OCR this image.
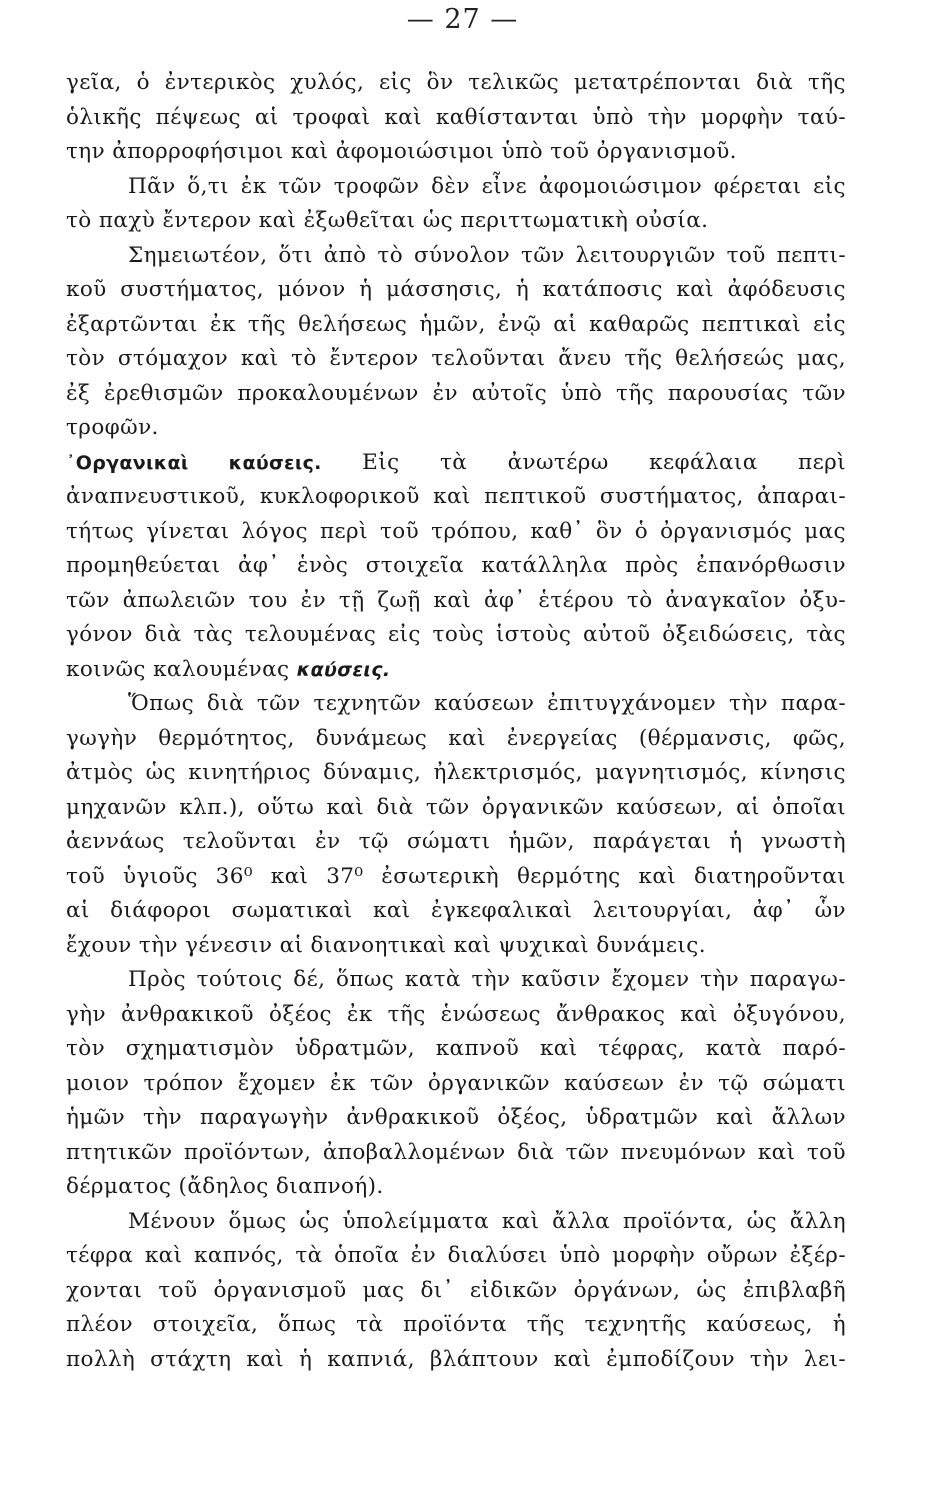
— 27 —
γεῖα, ὁ ἐντερικὸς χυλός, εἰς ὃν τελικῶς μετατρέπονται διὰ τῆς
ὁλικῆς πέψεως αἱ τροφαὶ καὶ καθίστανται ὑπὸ τὴν μορφὴν ταύ-
την ἀπορροφήσιμοι καὶ ἀφομοιώσιμοι ὑπὸ τοῦ ὀργανισμοῦ.
Πᾶν ὅ,τι ἐκ τῶν τροφῶν δὲν εἶνε ἀφομοιώσιμον φέρεται εἰς
τὸ παχὺ ἔντερον καὶ ἐξωθεῖται ὡς περιττωματικὴ οὐσία.
Σημειωτέον, ὅτι ἀπὸ τὸ σύνολον τῶν λειτουργιῶν τοῦ πεπτι-
κοῦ συστήματος, μόνον ἡ μάσσησις, ἡ κατάποσις καὶ ἀφόδευσις
ἐξαρτῶνται ἐκ τῆς θελήσεως ἡμῶν, ἐνῷ αἱ καθαρῶς πεπτικαὶ εἰς
τὸν στόμαχον καὶ τὸ ἔντερον τελοῦνται ἄνευ τῆς θελήσεώς μας,
ἐξ ἐρεθισμῶν προκαλουμένων ἐν αὐτοῖς ὑπὸ τῆς παρουσίας τῶν
τροφῶν.
᾿Οργανικαὶ καύσεις. Εἰς τὰ ἀνωτέρω κεφάλαια περὶ
ἀναπνευστικοῦ, κυκλοφορικοῦ καὶ πεπτικοῦ συστήματος, ἀπαραι-
τήτως γίνεται λόγος περὶ τοῦ τρόπου, καθ᾽ ὃν ὁ ὀργανισμός μας
προμηθεύεται ἀφ᾽ ἑνὸς στοιχεῖα κατάλληλα πρὸς ἐπανόρθωσιν
τῶν ἀπωλειῶν του ἐν τῇ ζωῇ καὶ ἀφ᾽ ἑτέρου τὸ ἀναγκαῖον ὀξυ-
γόνον διὰ τὰς τελουμένας εἰς τοὺς ἱστοὺς αὐτοῦ ὀξειδώσεις, τὰς
κοινῶς καλουμένας καύσεις.
Ὅπως διὰ τῶν τεχνητῶν καύσεων ἐπιτυγχάνομεν τὴν παρα-
γωγὴν θερμότητος, δυνάμεως καὶ ἐνεργείας (θέρμανσις, φῶς,
ἀτμὸς ὡς κινητήριος δύναμις, ἠλεκτρισμός, μαγνητισμός, κίνησις
μηχανῶν κλπ.), οὕτω καὶ διὰ τῶν ὀργανικῶν καύσεων, αἱ ὁποῖαι
ἀεννάως τελοῦνται ἐν τῷ σώματι ἡμῶν, παράγεται ἡ γνωστὴ
τοῦ ὑγιοῦς 36⁰ καὶ 37⁰ ἐσωτερικὴ θερμότης καὶ διατηροῦνται
αἱ διάφοροι σωματικαὶ καὶ ἐγκεφαλικαὶ λειτουργίαι, ἀφ᾽ ὧν
ἔχουν τὴν γένεσιν αἱ διανοητικαὶ καὶ ψυχικαὶ δυνάμεις.
Πρὸς τούτοις δέ, ὅπως κατὰ τὴν καῦσιν ἔχομεν τὴν παραγω-
γὴν ἀνθρακικοῦ ὀξέος ἐκ τῆς ἑνώσεως ἄνθρακος καὶ ὀξυγόνου,
τὸν σχηματισμὸν ὑδρατμῶν, καπνοῦ καὶ τέφρας, κατὰ παρό-
μοιον τρόπον ἔχομεν ἐκ τῶν ὀργανικῶν καύσεων ἐν τῷ σώματι
ἡμῶν τὴν παραγωγὴν ἀνθρακικοῦ ὀξέος, ὑδρατμῶν καὶ ἄλλων
πτητικῶν προϊόντων, ἀποβαλλομένων διὰ τῶν πνευμόνων καὶ τοῦ
δέρματος (ἄδηλος διαπνοή).
Μένουν ὅμως ὡς ὑπολείμματα καὶ ἄλλα προϊόντα, ὡς ἄλλη
τέφρα καὶ καπνός, τὰ ὁποῖα ἐν διαλύσει ὑπὸ μορφὴν οὔρων ἐξέρ-
χονται τοῦ ὀργανισμοῦ μας δι᾽ εἰδικῶν ὀργάνων, ὡς ἐπιβλαβῆ
πλέον στοιχεῖα, ὅπως τὰ προϊόντα τῆς τεχνητῆς καύσεως, ἡ
πολλὴ στάχτη καὶ ἡ καπνιά, βλάπτουν καὶ ἐμποδίζουν τὴν λει-
